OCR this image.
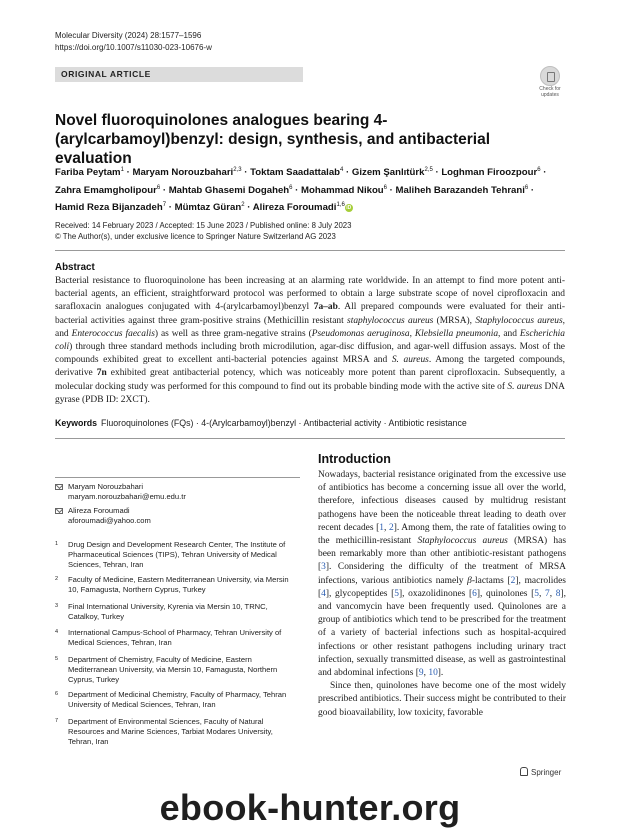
Molecular Diversity (2024) 28:1577–1596
https://doi.org/10.1007/s11030-023-10676-w
ORIGINAL ARTICLE
Check for
updates
Novel fluoroquinolones analogues bearing 4-(arylcarbamoyl)benzyl: design, synthesis, and antibacterial evaluation
Fariba Peytam$^1$ · Maryam Norouzbahari$^{2,3}$ · Toktam Saadattalab$^4$ · Gizem Şanlıtürk$^{2,5}$ · Loghman Firoozpour$^6$ · Zahra Emamgholipour$^6$ · Mahtab Ghasemi Dogaheh$^6$ · Mohammad Nikou$^6$ · Maliheh Barazandeh Tehrani$^6$ · Hamid Reza Bijanzadeh$^7$ · Mümtaz Güran$^2$ · Alireza Foroumadi$^{1,6}$iD
Received: 14 February 2023 / Accepted: 15 June 2023 / Published online: 8 July 2023
© The Author(s), under exclusive licence to Springer Nature Switzerland AG 2023
Abstract
Bacterial resistance to fluoroquinolone has been increasing at an alarming rate worldwide. In an attempt to find more potent anti-bacterial agents, an efficient, straightforward protocol was performed to obtain a large substrate scope of novel ciprofloxacin and sarafloxacin analogues conjugated with 4-(arylcarbamoyl)benzyl 7a–ab. All prepared compounds were evaluated for their anti-bacterial activities against three gram-positive strains (Methicillin resistant staphylococcus aureus (MRSA), Staphylococcus aureus, and Enterococcus faecalis) as well as three gram-negative strains (Pseudomonas aeruginosa, Klebsiella pneumonia, and Escherichia coli) through three standard methods including broth microdilution, agar-disc diffusion, and agar-well diffusion assays. Most of the compounds exhibited great to excellent anti-bacterial potencies against MRSA and S. aureus. Among the targeted compounds, derivative 7n exhibited great antibacterial potency, which was noticeably more potent than parent ciprofloxacin. Subsequently, a molecular docking study was performed for this compound to find out its probable binding mode with the active site of S. aureus DNA gyrase (PDB ID: 2XCT).
Keywords Fluoroquinolones (FQs) · 4-(Arylcarbamoyl)benzyl · Antibacterial activity · Antibiotic resistance
Maryam Norouzbahari
maryam.norouzbahari@emu.edu.tr
Alireza Foroumadi
aforoumadi@yahoo.com
1 Drug Design and Development Research Center, The Institute of Pharmaceutical Sciences (TIPS), Tehran University of Medical Sciences, Tehran, Iran
2 Faculty of Medicine, Eastern Mediterranean University, via Mersin 10, Famagusta, Northern Cyprus, Turkey
3 Final International University, Kyrenia via Mersin 10, TRNC, Catalkoy, Turkey
4 International Campus-School of Pharmacy, Tehran University of Medical Sciences, Tehran, Iran
5 Department of Chemistry, Faculty of Medicine, Eastern Mediterranean University, via Mersin 10, Famagusta, Northern Cyprus, Turkey
6 Department of Medicinal Chemistry, Faculty of Pharmacy, Tehran University of Medical Sciences, Tehran, Iran
7 Department of Environmental Sciences, Faculty of Natural Resources and Marine Sciences, Tarbiat Modares University, Tehran, Iran
Introduction

Nowadays, bacterial resistance originated from the excessive use of antibiotics has become a concerning issue all over the world, therefore, infectious diseases caused by multidrug resistant pathogens have been the noticeable threat leading to death over recent decades [1, 2]. Among them, the rate of fatalities owing to the methicillin-resistant Staphylococcus aureus (MRSA) has been remarkably more than other antibiotic-resistant pathogens [3]. Considering the difficulty of the treatment of MRSA infections, various antibiotics namely β-lactams [2], macrolides [4], glycopeptides [5], oxazolidinones [6], quinolones [5, 7, 8], and vancomycin have been frequently used. Quinolones are a group of antibiotics which tend to be prescribed for the treatment of a variety of bacterial infections such as hospital-acquired infections or other resistant pathogens including urinary tract infection, sexually transmitted disease, as well as gastrointestinal and abdominal infections [9, 10].

Since then, quinolones have become one of the most widely prescribed antibiotics. Their success might be contributed to their good bioavailability, low toxicity, favorable

Springer
ebook-hunter.org
